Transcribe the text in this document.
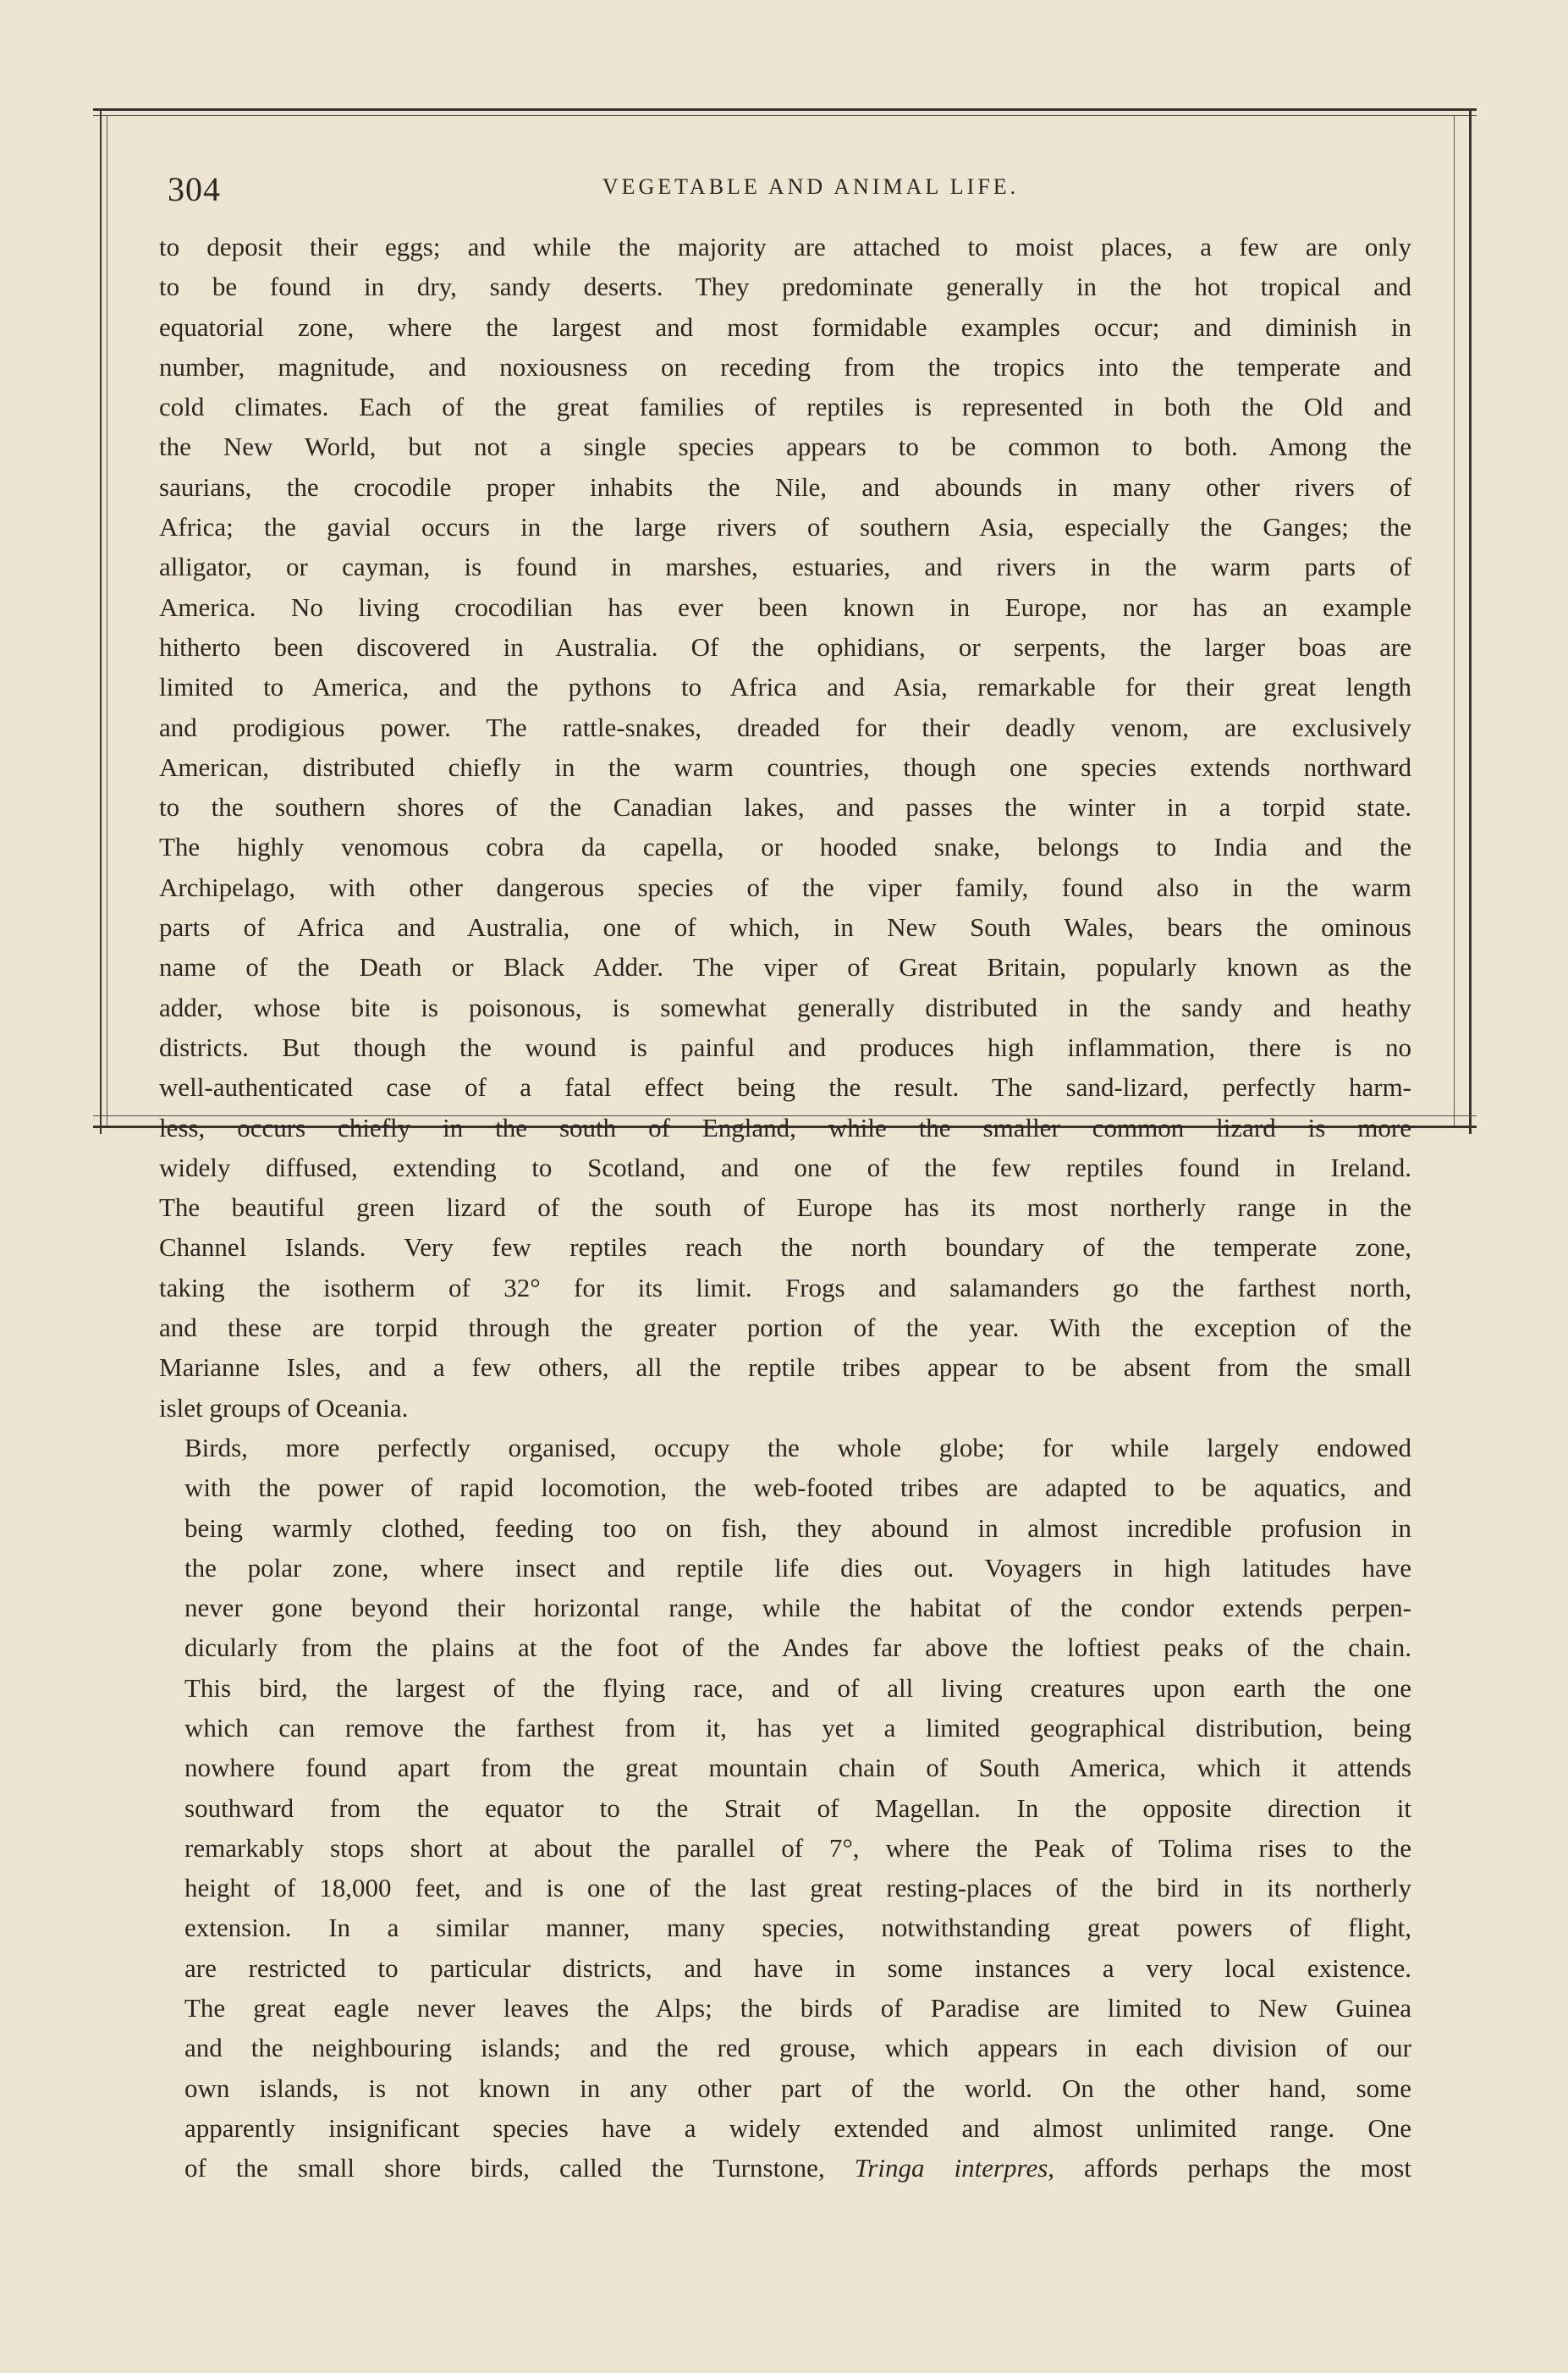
304	VEGETABLE AND ANIMAL LIFE.

to deposit their eggs; and while the majority are attached to moist places, a few are only
to be found in dry, sandy deserts. They predominate generally in the hot tropical and
equatorial zone, where the largest and most formidable examples occur; and diminish in
number, magnitude, and noxiousness on receding from the tropics into the temperate and
cold climates. Each of the great families of reptiles is represented in both the Old and
the New World, but not a single species appears to be common to both. Among the
saurians, the crocodile proper inhabits the Nile, and abounds in many other rivers of
Africa; the gavial occurs in the large rivers of southern Asia, especially the Ganges; the
alligator, or cayman, is found in marshes, estuaries, and rivers in the warm parts of
America. No living crocodilian has ever been known in Europe, nor has an example
hitherto been discovered in Australia. Of the ophidians, or serpents, the larger boas are
limited to America, and the pythons to Africa and Asia, remarkable for their great length
and prodigious power. The rattle-snakes, dreaded for their deadly venom, are exclusively
American, distributed chiefly in the warm countries, though one species extends northward
to the southern shores of the Canadian lakes, and passes the winter in a torpid state.
The highly venomous cobra da capella, or hooded snake, belongs to India and the
Archipelago, with other dangerous species of the viper family, found also in the warm
parts of Africa and Australia, one of which, in New South Wales, bears the ominous
name of the Death or Black Adder. The viper of Great Britain, popularly known as the
adder, whose bite is poisonous, is somewhat generally distributed in the sandy and heathy
districts. But though the wound is painful and produces high inflammation, there is no
well-authenticated case of a fatal effect being the result. The sand-lizard, perfectly harm-
less, occurs chiefly in the south of England, while the smaller common lizard is more
widely diffused, extending to Scotland, and one of the few reptiles found in Ireland.
The beautiful green lizard of the south of Europe has its most northerly range in the
Channel Islands. Very few reptiles reach the north boundary of the temperate zone,
taking the isotherm of 32° for its limit. Frogs and salamanders go the farthest north,
and these are torpid through the greater portion of the year. With the exception of the
Marianne Isles, and a few others, all the reptile tribes appear to be absent from the small
islet groups of Oceania.

Birds, more perfectly organised, occupy the whole globe; for while largely endowed
with the power of rapid locomotion, the web-footed tribes are adapted to be aquatics, and
being warmly clothed, feeding too on fish, they abound in almost incredible profusion in
the polar zone, where insect and reptile life dies out. Voyagers in high latitudes have
never gone beyond their horizontal range, while the habitat of the condor extends perpen-
dicularly from the plains at the foot of the Andes far above the loftiest peaks of the chain.
This bird, the largest of the flying race, and of all living creatures upon earth the one
which can remove the farthest from it, has yet a limited geographical distribution, being
nowhere found apart from the great mountain chain of South America, which it attends
southward from the equator to the Strait of Magellan. In the opposite direction it
remarkably stops short at about the parallel of 7°, where the Peak of Tolima rises to the
height of 18,000 feet, and is one of the last great resting-places of the bird in its northerly
extension. In a similar manner, many species, notwithstanding great powers of flight,
are restricted to particular districts, and have in some instances a very local existence.
The great eagle never leaves the Alps; the birds of Paradise are limited to New Guinea
and the neighbouring islands; and the red grouse, which appears in each division of our
own islands, is not known in any other part of the world. On the other hand, some
apparently insignificant species have a widely extended and almost unlimited range. One
of the small shore birds, called the Turnstone, Tringa interpres, affords perhaps the most
